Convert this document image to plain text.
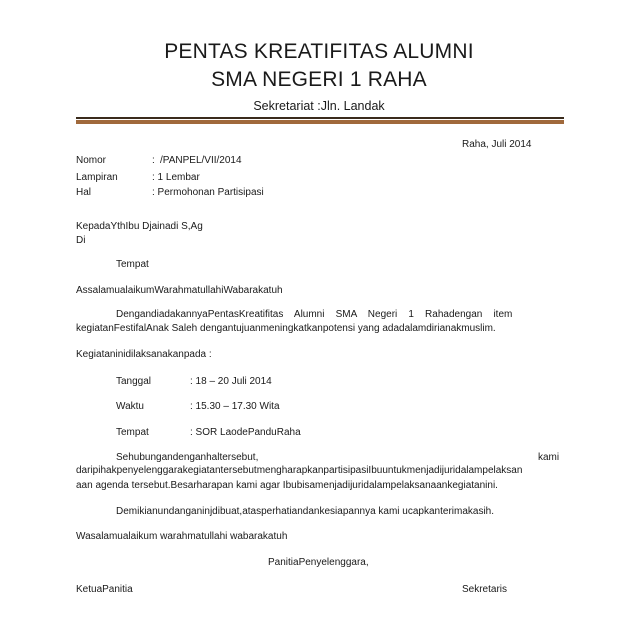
PENTAS KREATIFITAS ALUMNI
SMA NEGERI 1 RAHA
Sekretariat :Jln. Landak
Raha, Juli 2014
Nomor	: /PANPEL/VII/2014
Lampiran	: 1 Lembar
Hal	: Permohonan Partisipasi
KepadaYthIbu Djainadi S,Ag
Di
Tempat
AssalamualaikumWarahmatullahiWabarakatuh
DengandiadakannyaPentasKreatifitas    Alumni    SMA    Negeri    1    Rahadengan    item
kegiatanFestifalAnak Saleh dengantujuanmeningkatkanpotensi yang adadalamdirianakmuslim.
Kegiataninidilaksanakanpada :
Tanggal	: 18 – 20 Juli 2014
Waktu	: 15.30 – 17.30 Wita
Tempat	: SOR LaodePanduRaha
Sehubungandenganhaltersebut,	kami
daripihakpenyelenggarakegiatantersebutmengharapkanpartisipasiIbuuntukmenjadijuridalampelaksan
aan agenda tersebut.Besarharapan kami agar Ibubisamenjadijuridalampelaksanaankegiatanini.
Demikianundanganinjdibuat,atasperhatiandankesiapannya kami ucapkanterimakasih.
Wasalamualaikum warahmatullahi wabarakatuh
PanitiaPenyelenggara,
KetuaPanitia	Sekretaris
